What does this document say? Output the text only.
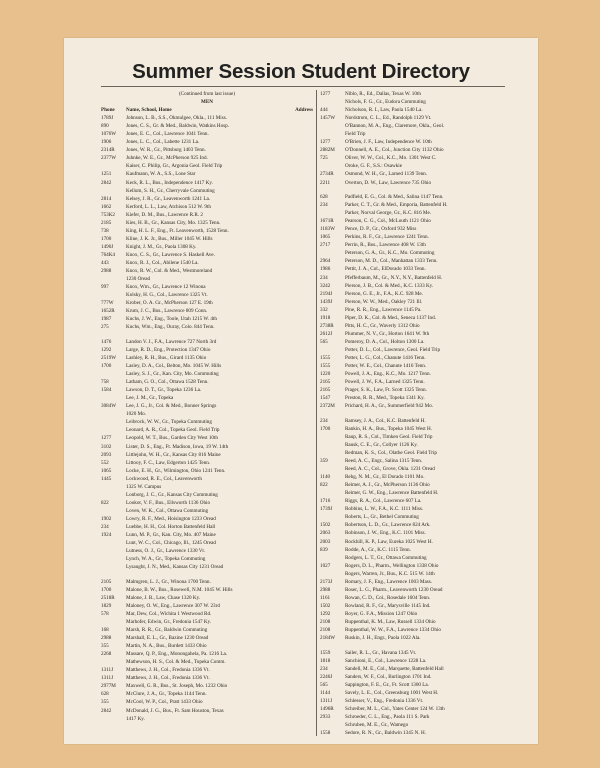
Summer Session Student Directory
(Continued from last issue)
MEN
Phone	Name, School, Home	Address
1789J	Johnson, L. B., S.S., Okmulgee, Okla., 111 Miss.
890	Jones, C. S., Gr. & Med., Baldwin, Watkins Hosp.
1076W	Jones, E. C., Col., Lawrence 1041 Tenn.
1906	Jones, L. C., Col., Labette 1231 La.
2314R	Jones, W. R., Gr., Pittsburg 1403 Tenn.
2377W	Juhnke, W. E., Gr., McPherson 925 Ind.
Kaiser, C. Philip, Gr., Argonia Geol. Field Trip
1251	Kaufmann, W. A., S.S., Lone Star
2842	Keck, R. L., Bus., Independence 1417 Ky.
Kellum, S. H., Gr., Cherryvale Commuting
2814	Kelsey, J. R., Gr., Leavenworth 1241 La.
1662	Kerford, L. L., Law, Atchison 512 W. 9th
753K2	Kiefer, D. M., Bus., Lawrence R.R. 2
2185	Kies, H. B., Gr., Kansas City, Mo. 1325 Tenn.
738	King, H. L. F., Eng., Ft. Leavenworth, 1528 Tenn.
1700	Kline, J. K. Jr., Bus., Miller 1045 W. Hills
1490J	Knight, J. M., Gr., Paola 1308 Ky.
764K4	Knox, C. S., Gr., Lawrence S. Haskell Ave.
443	Knox, R. J., Col., Abilene 1540 La.
2988	Knox, R. W., Col. & Med., Westmoreland
1230 Oread
997	Knox, Wm., Gr., Lawrence 12 Winona
Kolsky, H. G., Col., Lawrence 1325 Vt.
777W	Krober, O. A. Gr., McPherson 127 E. 19th
1652R	Krum, J. C., Bus., Lawrence 809 Conn.
1987	Kuchs, J. W., Eng., Toole, Utah 1215 W. 4th
275	Kuchs, Wm., Eng., Ouray, Colo. 844 Tenn.
1476	Landon V. J., F.A., Lawrence 727 North 3rd
1292	Large, R. D., Eng., Protection 1347 Ohio
2519W	Lashley, R. H., Bus., Girard 1135 Ohio
1700	Lasley, D. A., Col., Belton, Mo. 1045 W. Hills
Lasley, S. J., Gr., Kan. City, Mo. Commuting
758	Latham, G. O., Col., Ottawa 1528 Tenn.
1584	Lawson, D. T., Gr., Topeka 1236 La.
Lee, J. M., Gr., Topeka
3084W	Lee, J. G., Jr., Col. & Med., Bonner Springs
1020 Mo.
Leibrock, W. W., Gr., Topeka Commuting
Leonard, A. R., Col., Topeka Geol. Field Trip
1277	Leopold, W. T., Bus., Garden City West 10th
3102	Lister, D. S., Eng., Ft. Madison, Iowa, 19 W. 14th
2093	Littlejohn, W. H., Gr., Kansas City 816 Maine
552	Littooy, F. C., Law, Edgerton 1425 Tenn.
1065	Locke, E. H., Gr., Wilmington, Ohio 1241 Tenn.
1445	Lockwood, R. E., Col., Leavenworth
1325 W. Campus
Lonborg, J. C., Gr., Kansas City Commuting
822	Lookot, V. F., Bus., Ellsworth 1136 Ohio
Loven, W. K., Col., Ottawa Commuting
1902	Lowry, R. F., Med., Hoisington 1233 Oread
234	Luebbe, H. H., Col. Horton Battenfeld Hall
1924	Lunn, M. P., Gr., Kan. City, Mo. 407 Maine
Lunt, W. C., Col., Chicago, Ill., 1245 Oread
Lutness, O. J., Gr., Lawrence 1330 Vt.
Lynch, W. A., Gr., Topeka Commuting
Lysaught, J. N., Med., Kansas City 1231 Oread
2105	Malmgren, L. J., Gr., Winona 1700 Tenn.
1700	Malone, B. W., Bus., Rosewell, N.M. 1045 W. Hills
2518R	Malone, J. B., Law, Chase 1320 Ky.
1829	Maloney, O. W., Eng., Lawrence 307 W. 23rd
578	Mar, Dew, Col., Wichita 1 Westwood Rd.
Marhofer, Edwin, Gr., Fredonia 1547 Ky.
168	Marsh, R. R., Gr., Baldwin Commuting
2988	Marshall, E. L., Gr., Bazine 1230 Oread
355	Martin, N. A., Bus., Burdett 1433 Ohio
2268	Massare, Q. P., Eng., Monongahela, Pa. 1216 La.
Mathewson, H. S., Col. & Med., Topeka Comm.
1311J	Matthews, J. H., Col., Fredonia 1336 Vt.
1311J	Matthews, J. H., Col., Fredonia 1336 Vt.
2977M	Maxwell, G. R., Bus., St. Joseph, Mo. 1232 Ohio
628	McClure, J. A., Gr., Topeka 1144 Tenn.
355	McCool, W. P., Col., Pratt 1433 Ohio
2842	McDonald, J. G., Bus., Ft. Sam Houston, Texas
1417 Ky.
1277	Niblo, R., Ed., Dallas, Texas W. 10th
Nichols, F. G., Gr., Eudora Commuting
444	Nicholson, R. I., Law, Paola 1540 La.
1457W	Nordstrom, C. L., Ed., Randolph 1129 Vt.
O'Bannon, M. A., Eng., Claremore, Okla., Geol.
Field Trip
1277	O'Brien, J. F., Law, Independence W. 10th
2882M	O'Donnell, A. E., Col., Junction City 1132 Ohio
725	Oliver, W. W., Col., K.C., Mo. 1301 West C.
Oroke, G. F., S.S.: Osawkie
2734R	Osmond, W. H., Gr., Larned 1139 Tenn.
2211	Overton, D. W., Law, Lawrence 735 Ohio
628	Padfield, E. G., Col. & Med., Salina 1147 Tenn.
234	Parker, C. T., Gr. & Med., Emporia, Battenfeld H.
Parker, Norval George, Gr., K.C. 816 Me.
1671R	Pearson, C. G., Col., McLouth 1121 Ohio
1183W	Pence, D. P., Gr., Oxford 932 Miss
1065	Perkins, R. F., Gr., Lawrence 1241 Tenn.
2717	Perrin, R., Bus., Lawrence 408 W. 13th
Peterson, G. A., Gr., K.C., Mo. Commuting
2964	Peterson, M. D., Col., Manhattan 1333 Tenn.
1986	Pettit, J. A., Col., ElDorado 1033 Tenn.
234	Pfefferbaum, M., Gr., N.Y., N.Y., Battenfeld H.
3242	Pierson, J. B., Col. & Med., K.C. 1333 Ky.
2194J	Pierson, G. E., Jr., F.A., K.C. 928 Me.
1439J	Pierson, W. W., Med., Oakley 721 Ill.
332	Pine, R. R., Eng., Lawrence 1145 Pa.
1918	Piper, D. K., Col. & Med., Seneca 1137 Ind.
2738R	Pitts, H. C., Gr., Waverly 1312 Ohio
2612J	Plummer, N. V., Gr., Horton 1641 W. 9th
565	Pomeroy, D. A., Col., Holton 1300 La.
Potter, D. L., Col., Lawrence, Geol. Field Trip
1555	Potter, L. G., Col., Chanute 1416 Tenn.
1555	Potter, W. E., Col., Chanute 1416 Tenn.
1220	Powell, J. A., Eng., K.C., Mo. 1217 Tenn.
2165	Powell, J. W., F.A., Larned 1325 Tenn.
2165	Prager, S. K., Law, Ft. Scott 1325 Tenn.
1547	Preston, R. R., Med., Topeka 1341 Ky.
2372M	Prichard, H. A., Gr., Summerfield 942 Mo.
234	Ramsey, J. A., Col., K.C. Battenfeld H.
1700	Rankin, H. A., Bus., Topeka 1045 West H.
Raup, R. S., Col., Timken Geol. Field Trip
Rausk, C. E., Gr., Collyer 1126 Ky.
Redman, K. S., Col., Olathe Geol. Field Trip
359	Reed, A. C., Engr., Salina 1315 Tenn.
Reed, A. C., Col., Grove, Okla. 1231 Oread
1140	Rehg, N. M., Gr., El Dorado 1101 Mo.
822	Reimer, A. J., Gr., McPherson 1136 Ohio
Reimer, G. W., Eng., Lawrence Battenfeld H.
1716	Riggs, R. A., Col., Lawrence 607 La.
1739J	Robbins, L. W., F.A., K.C. 1111 Miss.
Roberts, L., Gr., Bethel Commuting
1502	Robertson, L. D., Gr., Lawrence 824 Ark.
2063	Robinson, J. W., Eng., K.C. 1101 Miss.
2003	Rockhill, K. P., Law, Eureka 1025 West H.
839	Rodde, A., Gr., K.C. 1115 Tenn.
Rodgers, L. T., Gr., Ottawa Commuting
1027	Rogers, D. L., Pharm., Wellington 1338 Ohio
Rogers, Warren, Jr., Bus., K.C. 515 W. 14th
2173J	Romary, J. F., Eng., Lawrence 1003 Mass.
2988	Roser, L. G., Pharm., Leavenworth 1230 Oread
1161	Rowan, C. D., Col., Rosedale 1604 Tenn.
1502	Rowland, R. F., Gr., Marysville 1145 Ind.
1292	Royer, G. F.A., Mission 1247 Ohio
2108	Ruppenthal, K. M., Law, Russell 1334 Ohio
2108	Ruppenthal, W. W., F.A., Lawrence 1334 Ohio
2184W	Ruskin, J. H., Engr., Paola 1022 Ala.
1559	Sailer, R. L., Gr., Havana 1345 Vt.
1818	Sanchioni, E., Col., Lawrence 1228 La.
234	Sandell, M. E., Col., Marquette, Battenfeld Hall
2246J	Sanders, W. F., Col., Burlington 1701 Ind.
565	Sappington, F. E., Gr., Ft. Scott 1300 La.
1144	Savely, L. E., Col., Greensburg 1001 West H.
1311J	Schlesser, V., Eng., Fredonia 1336 Vt.
1496R	Schreiber, M. L., Col., Yates Center 124 W. 13th
2933	Schroeder, C. L., Eng., Paola 111 S. Park
Schruben, M. E., Gr., Wamego
1558	Sedore, R. N., Gr., Baldwin 1345 N. H.
